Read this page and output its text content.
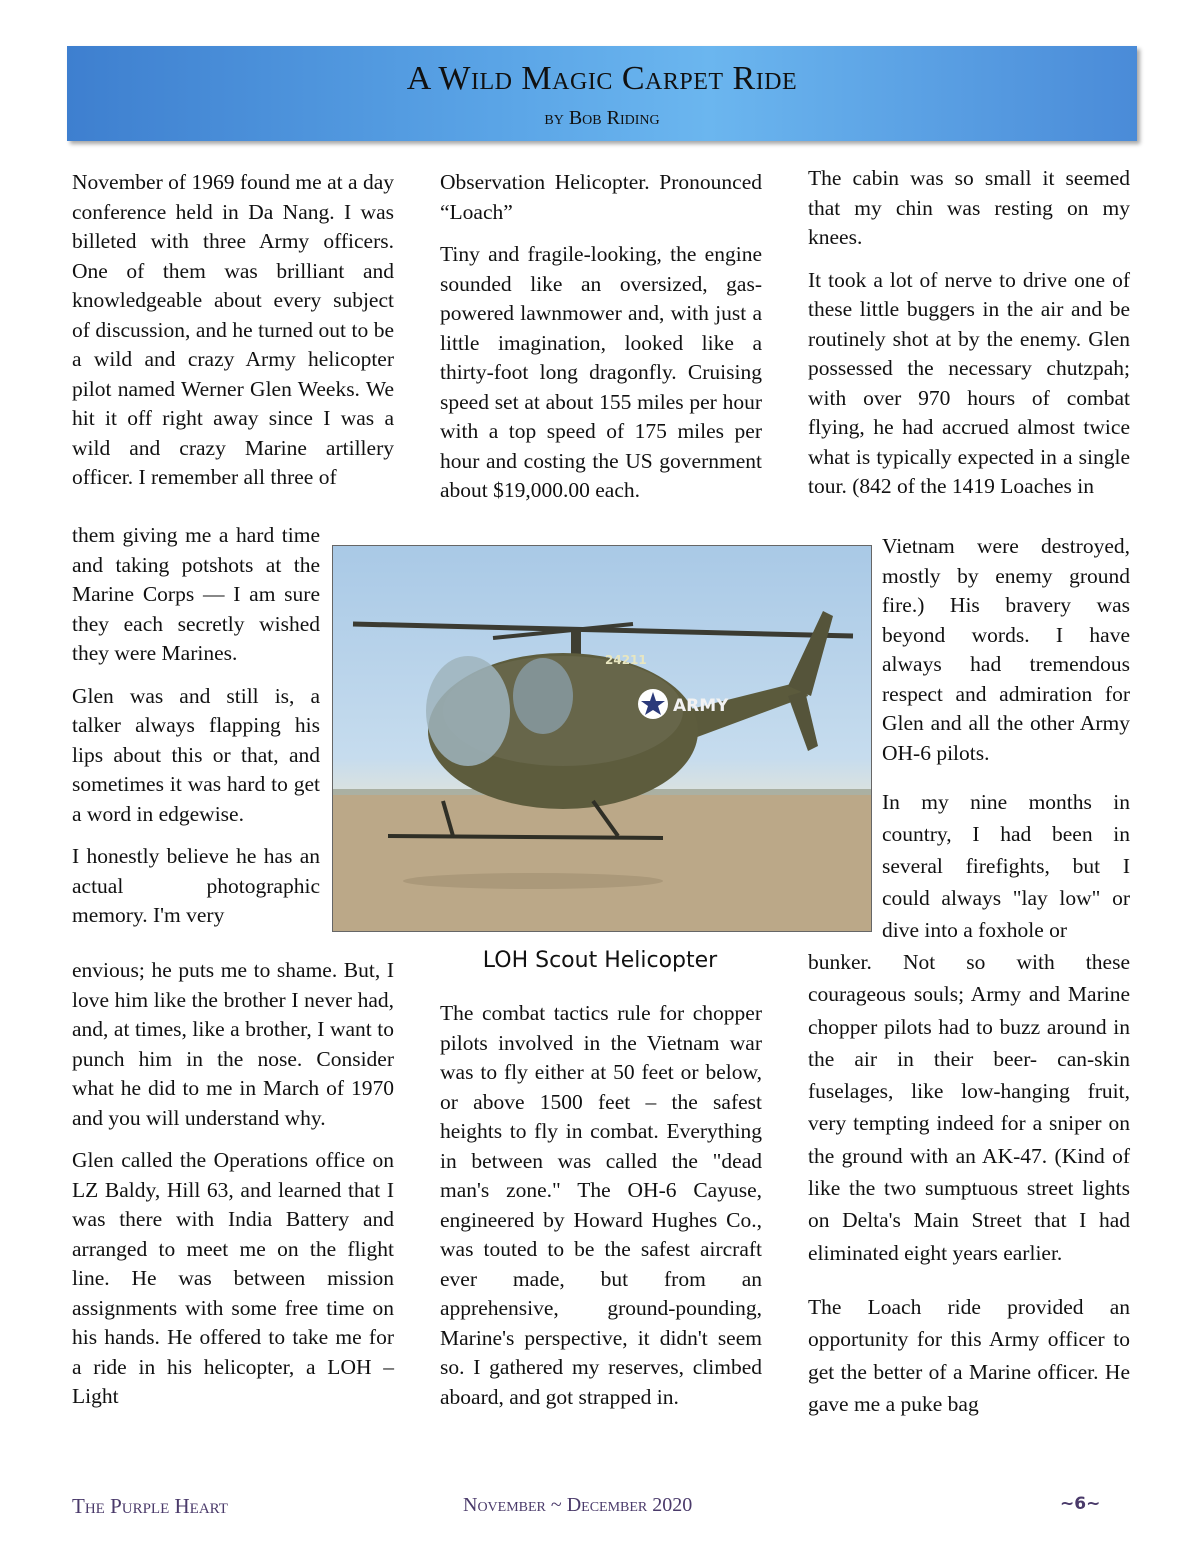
A Wild Magic Carpet Ride
by Bob Riding

November of 1969 found me at a day conference held in Da Nang. I was billeted with three Army officers. One of them was brilliant and knowledgeable about every subject of discussion, and he turned out to be a wild and crazy Army helicopter pilot named Werner Glen Weeks. We hit it off right away since I was a wild and crazy Marine artillery officer. I remember all three of

them giving me a hard time and taking potshots at the Marine Corps — I am sure they each secretly wished they were Marines.

Glen was and still is, a talker always flapping his lips about this or that, and sometimes it was hard to get a word in edgewise.

I honestly believe he has an actual photographic memory. I'm very

envious; he puts me to shame. But, I love him like the brother I never had, and, at times, like a brother, I want to punch him in the nose. Consider what he did to me in March of 1970 and you will understand why.

Glen called the Operations office on LZ Baldy, Hill 63, and learned that I was there with India Battery and arranged to meet me on the flight line. He was between mission assignments with some free time on his hands. He offered to take me for a ride in his helicopter, a LOH – Light

Observation Helicopter. Pronounced “Loach”

Tiny and fragile-looking, the engine sounded like an oversized, gas-powered lawnmower and, with just a little imagination, looked like a thirty-foot long dragonfly. Cruising speed set at about 155 miles per hour with a top speed of 175 miles per hour and costing the US government about $19,000.00 each.

The combat tactics rule for chopper pilots involved in the Vietnam war was to fly either at 50 feet or below, or above 1500 feet – the safest heights to fly in combat. Everything in between was called the "dead man's zone." The OH-6 Cayuse, engineered by Howard Hughes Co., was touted to be the safest aircraft ever made, but from an apprehensive, ground-pounding, Marine's perspective, it didn't seem so. I gathered my reserves, climbed aboard, and got strapped in.

The cabin was so small it seemed that my chin was resting on my knees.

It took a lot of nerve to drive one of these little buggers in the air and be routinely shot at by the enemy. Glen possessed the necessary chutzpah; with over 970 hours of combat flying, he had accrued almost twice what is typically expected in a single tour. (842 of the 1419 Loaches in

Vietnam were destroyed, mostly by enemy ground fire.) His bravery was beyond words. I have always had tremendous respect and admiration for Glen and all the other Army OH-6 pilots.

In my nine months in country, I had been in several firefights, but I could always "lay low" or dive into a foxhole or

bunker. Not so with these courageous souls; Army and Marine chopper pilots had to buzz around in the air in their beer- can-skin fuselages, like low-hanging fruit, very tempting indeed for a sniper on the ground with an AK-47. (Kind of like the two sumptuous street lights on Delta's Main Street that I had eliminated eight years earlier.

The Loach ride provided an opportunity for this Army officer to get the better of a Marine officer. He gave me a puke bag

ARMY
24211
LOH Scout Helicopter
The Purple Heart	November ~ December 2020	~6~
